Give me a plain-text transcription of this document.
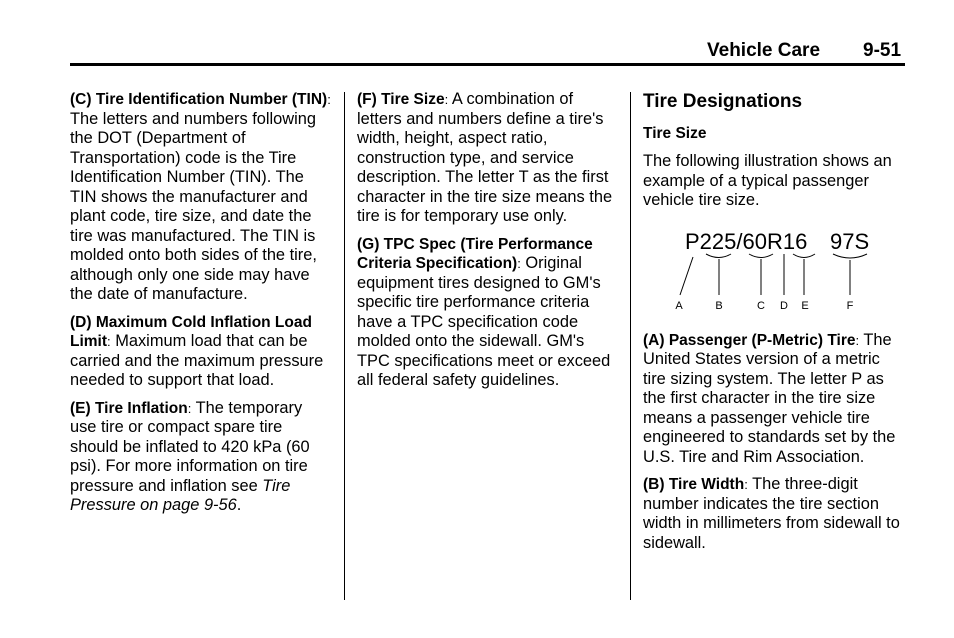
Vehicle Care 9-51

(C) Tire Identification Number (TIN): The letters and numbers following the DOT (Department of Transportation) code is the Tire Identification Number (TIN). The TIN shows the manufacturer and plant code, tire size, and date the tire was manufactured. The TIN is molded onto both sides of the tire, although only one side may have the date of manufacture.

(D) Maximum Cold Inflation Load Limit: Maximum load that can be carried and the maximum pressure needed to support that load.

(E) Tire Inflation: The temporary use tire or compact spare tire should be inflated to 420 kPa (60 psi). For more information on tire pressure and inflation see Tire Pressure on page 9-56.

(F) Tire Size: A combination of letters and numbers define a tire's width, height, aspect ratio, construction type, and service description. The letter T as the first character in the tire size means the tire is for temporary use only.

(G) TPC Spec (Tire Performance Criteria Specification): Original equipment tires designed to GM's specific tire performance criteria have a TPC specification code molded onto the sidewall. GM's TPC specifications meet or exceed all federal safety guidelines.

Tire Designations
Tire Size

The following illustration shows an example of a typical passenger vehicle tire size.

P225/60R16 97S
A	B	C D E	F

(A) Passenger (P-Metric) Tire: The United States version of a metric tire sizing system. The letter P as the first character in the tire size means a passenger vehicle tire engineered to standards set by the U.S. Tire and Rim Association.

(B) Tire Width: The three-digit number indicates the tire section width in millimeters from sidewall to sidewall.
